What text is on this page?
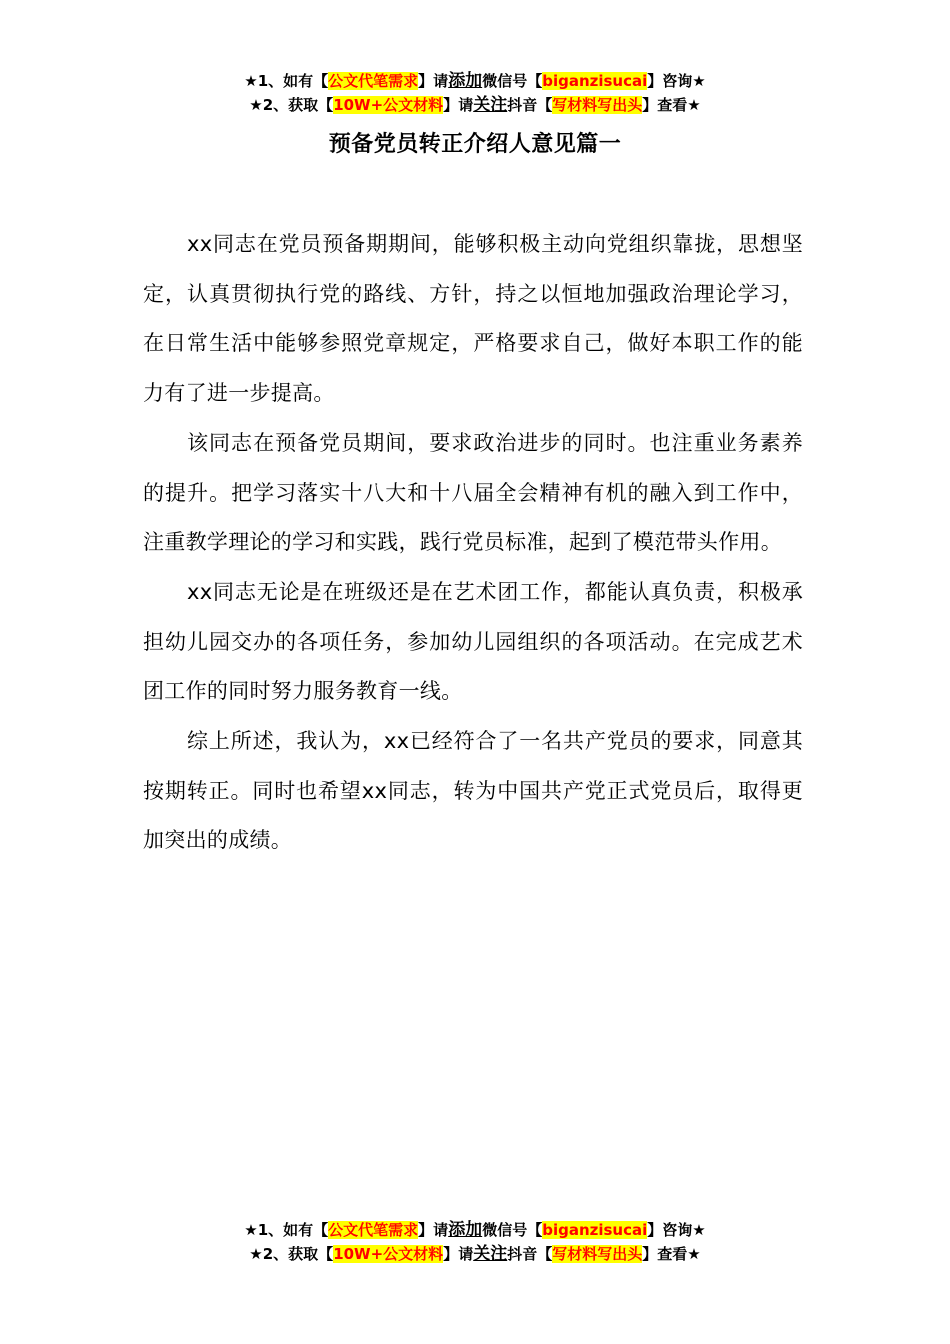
★1、如有【公文代笔需求】请添加微信号【biganzisucai】咨询★
★2、获取【10W+公文材料】请关注抖音【写材料写出头】查看★
预备党员转正介绍人意见篇一

xx同志在党员预备期期间，能够积极主动向党组织靠拢，思想坚定，认真贯彻执行党的路线、方针，持之以恒地加强政治理论学习，在日常生活中能够参照党章规定，严格要求自己，做好本职工作的能力有了进一步提高。

该同志在预备党员期间，要求政治进步的同时。也注重业务素养的提升。把学习落实十八大和十八届全会精神有机的融入到工作中，注重教学理论的学习和实践，践行党员标准，起到了模范带头作用。

xx同志无论是在班级还是在艺术团工作，都能认真负责，积极承担幼儿园交办的各项任务，参加幼儿园组织的各项活动。在完成艺术团工作的同时努力服务教育一线。

综上所述，我认为，xx已经符合了一名共产党员的要求，同意其按期转正。同时也希望xx同志，转为中国共产党正式党员后，取得更加突出的成绩。

★1、如有【公文代笔需求】请添加微信号【biganzisucai】咨询★
★2、获取【10W+公文材料】请关注抖音【写材料写出头】查看★
